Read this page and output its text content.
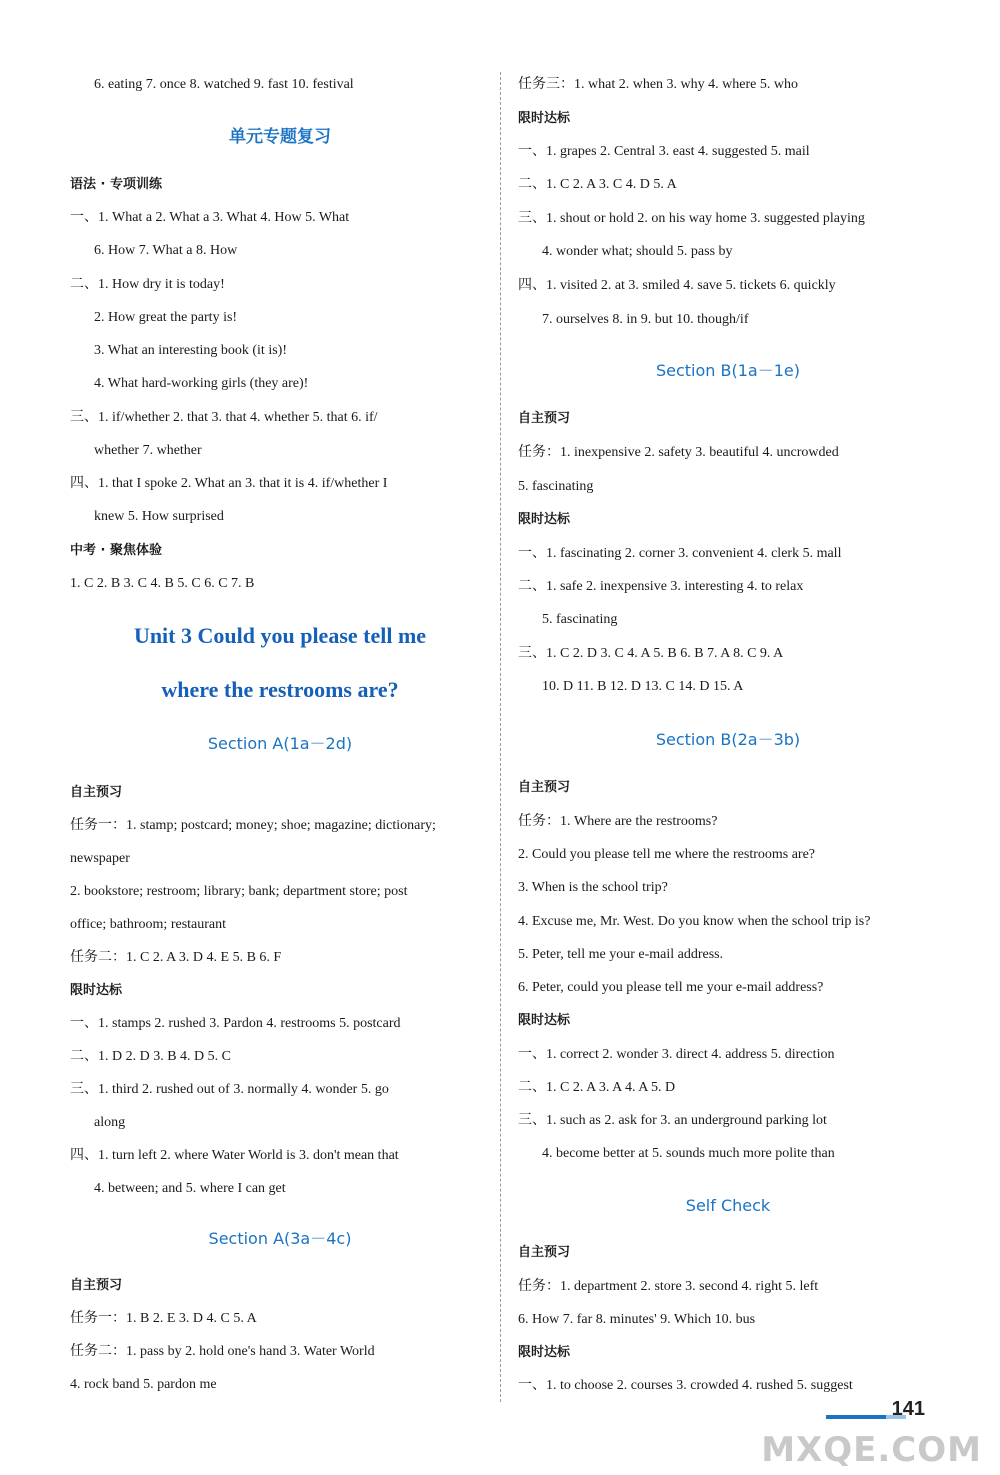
6. eating 7. once 8. watched 9. fast 10. festival
单元专题复习
语法 · 专项训练
一、1. What a 2. What a 3. What 4. How 5. What
6. How 7. What a 8. How
二、1. How dry it is today!
2. How great the party is!
3. What an interesting book (it is)!
4. What hard-working girls (they are)!
三、1. if/whether 2. that 3. that 4. whether 5. that 6. if/
whether 7. whether
四、1. that I spoke 2. What an 3. that it is 4. if/whether I
knew 5. How surprised
中考 · 聚焦体验
1. C 2. B 3. C 4. B 5. C 6. C 7. B
Unit 3 Could you please tell me
where the restrooms are?
Section A(1a－2d)
自主预习
任务一：1. stamp; postcard; money; shoe; magazine; dictionary;
newspaper
2. bookstore; restroom; library; bank; department store; post
office; bathroom; restaurant
任务二：1. C 2. A 3. D 4. E 5. B 6. F
限时达标
一、1. stamps 2. rushed 3. Pardon 4. restrooms 5. postcard
二、1. D 2. D 3. B 4. D 5. C
三、1. third 2. rushed out of 3. normally 4. wonder 5. go
along
四、1. turn left 2. where Water World is 3. don't mean that
4. between; and 5. where I can get
Section A(3a－4c)
自主预习
任务一：1. B 2. E 3. D 4. C 5. A
任务二：1. pass by 2. hold one's hand 3. Water World
4. rock band 5. pardon me
任务三：1. what 2. when 3. why 4. where 5. who
限时达标
一、1. grapes 2. Central 3. east 4. suggested 5. mail
二、1. C 2. A 3. C 4. D 5. A
三、1. shout or hold 2. on his way home 3. suggested playing
4. wonder what; should 5. pass by
四、1. visited 2. at 3. smiled 4. save 5. tickets 6. quickly
7. ourselves 8. in 9. but 10. though/if
Section B(1a－1e)
自主预习
任务：1. inexpensive 2. safety 3. beautiful 4. uncrowded
5. fascinating
限时达标
一、1. fascinating 2. corner 3. convenient 4. clerk 5. mall
二、1. safe 2. inexpensive 3. interesting 4. to relax
5. fascinating
三、1. C 2. D 3. C 4. A 5. B 6. B 7. A 8. C 9. A
10. D 11. B 12. D 13. C 14. D 15. A
Section B(2a－3b)
自主预习
任务：1. Where are the restrooms?
2. Could you please tell me where the restrooms are?
3. When is the school trip?
4. Excuse me, Mr. West. Do you know when the school trip is?
5. Peter, tell me your e-mail address.
6. Peter, could you please tell me your e-mail address?
限时达标
一、1. correct 2. wonder 3. direct 4. address 5. direction
二、1. C 2. A 3. A 4. A 5. D
三、1. such as 2. ask for 3. an underground parking lot
4. become better at 5. sounds much more polite than
Self Check
自主预习
任务：1. department 2. store 3. second 4. right 5. left
6. How 7. far 8. minutes' 9. Which 10. bus
限时达标
一、1. to choose 2. courses 3. crowded 4. rushed 5. suggest
141
MXQE.COM
